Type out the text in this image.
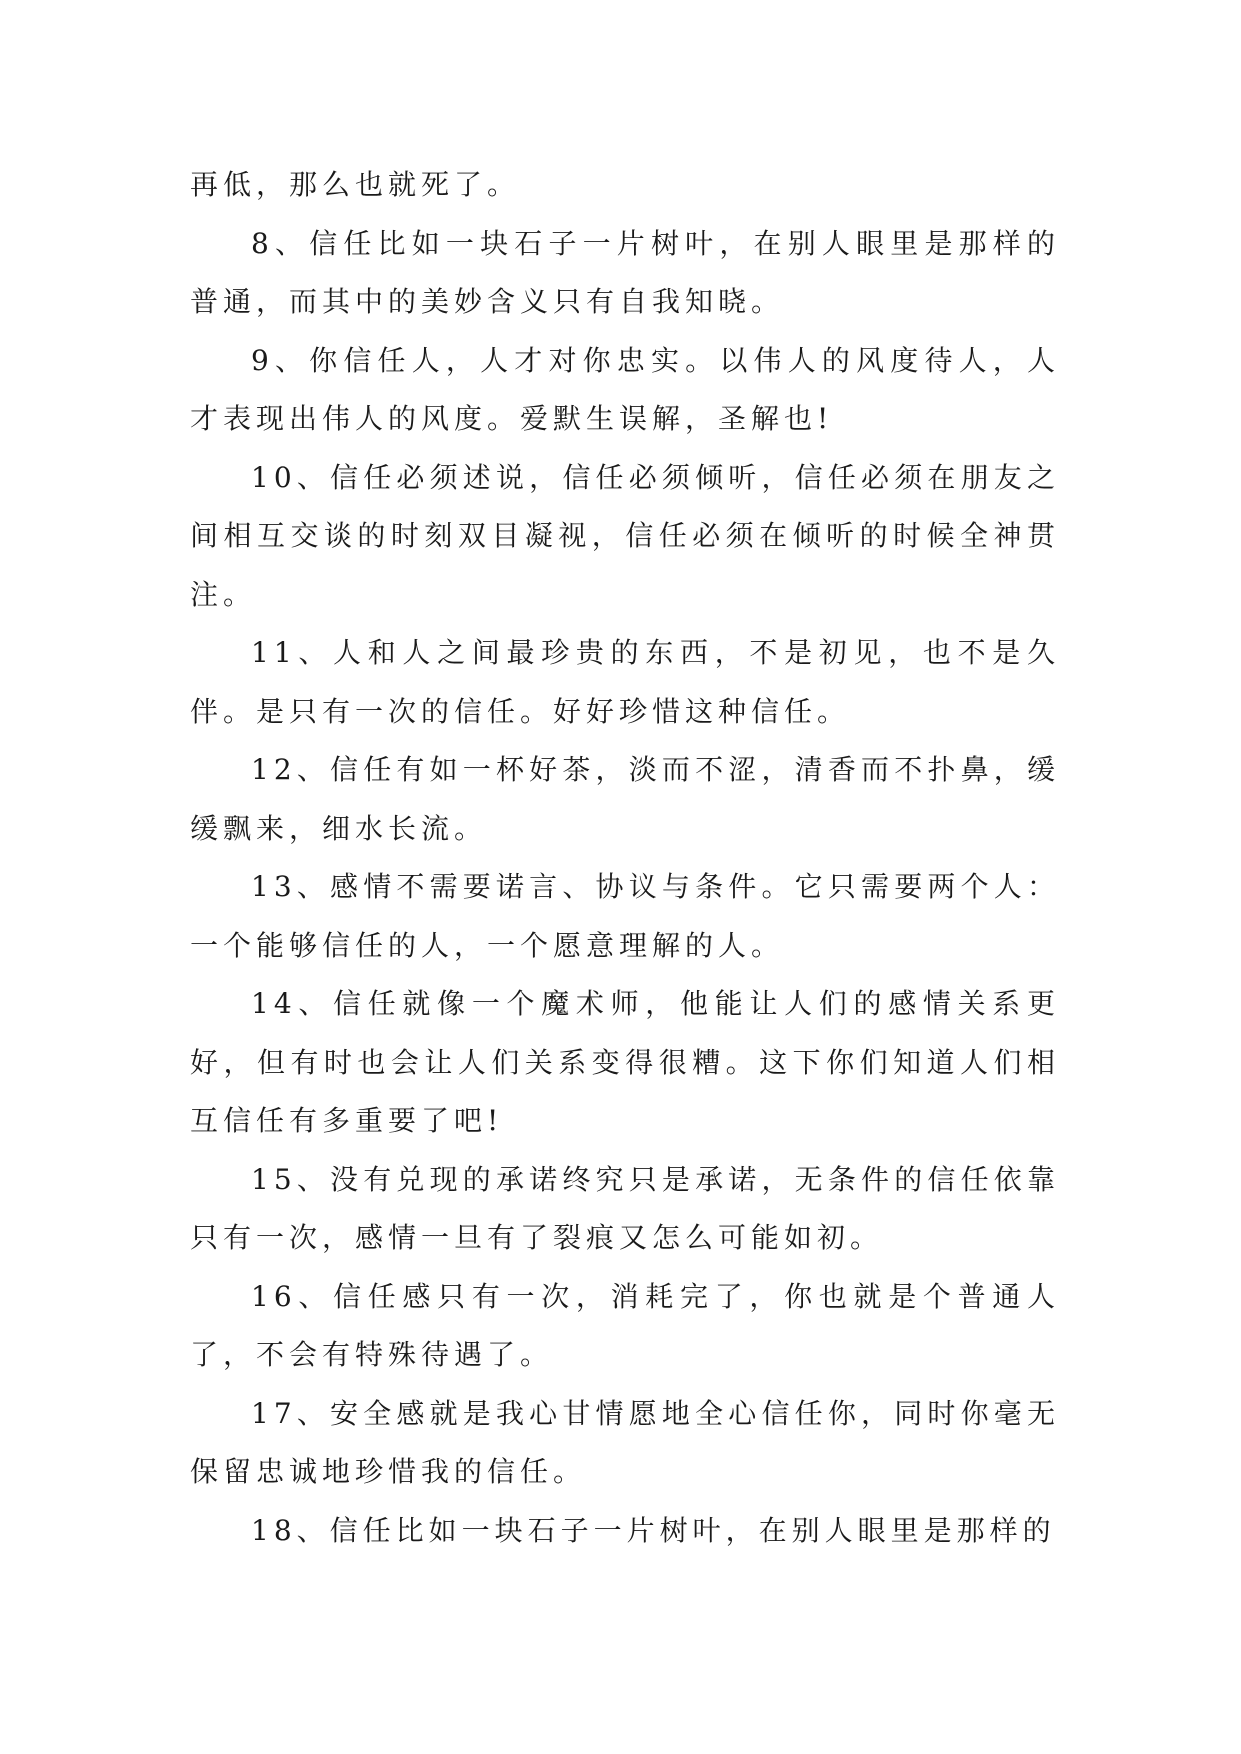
再低，那么也就死了。

8、信任比如一块石子一片树叶，在别人眼里是那样的普通，而其中的美妙含义只有自我知晓。

9、你信任人，人才对你忠实。以伟人的风度待人，人才表现出伟人的风度。爱默生误解，圣解也!

10、信任必须述说，信任必须倾听，信任必须在朋友之间相互交谈的时刻双目凝视，信任必须在倾听的时候全神贯注。

11、人和人之间最珍贵的东西，不是初见，也不是久伴。是只有一次的信任。好好珍惜这种信任。

12、信任有如一杯好茶，淡而不涩，清香而不扑鼻，缓缓飘来，细水长流。

13、感情不需要诺言、协议与条件。它只需要两个人：一个能够信任的人，一个愿意理解的人。

14、信任就像一个魔术师，他能让人们的感情关系更好，但有时也会让人们关系变得很糟。这下你们知道人们相互信任有多重要了吧!

15、没有兑现的承诺终究只是承诺，无条件的信任依靠只有一次，感情一旦有了裂痕又怎么可能如初。

16、信任感只有一次，消耗完了，你也就是个普通人了，不会有特殊待遇了。

17、安全感就是我心甘情愿地全心信任你，同时你毫无保留忠诚地珍惜我的信任。

18、信任比如一块石子一片树叶，在别人眼里是那样的
